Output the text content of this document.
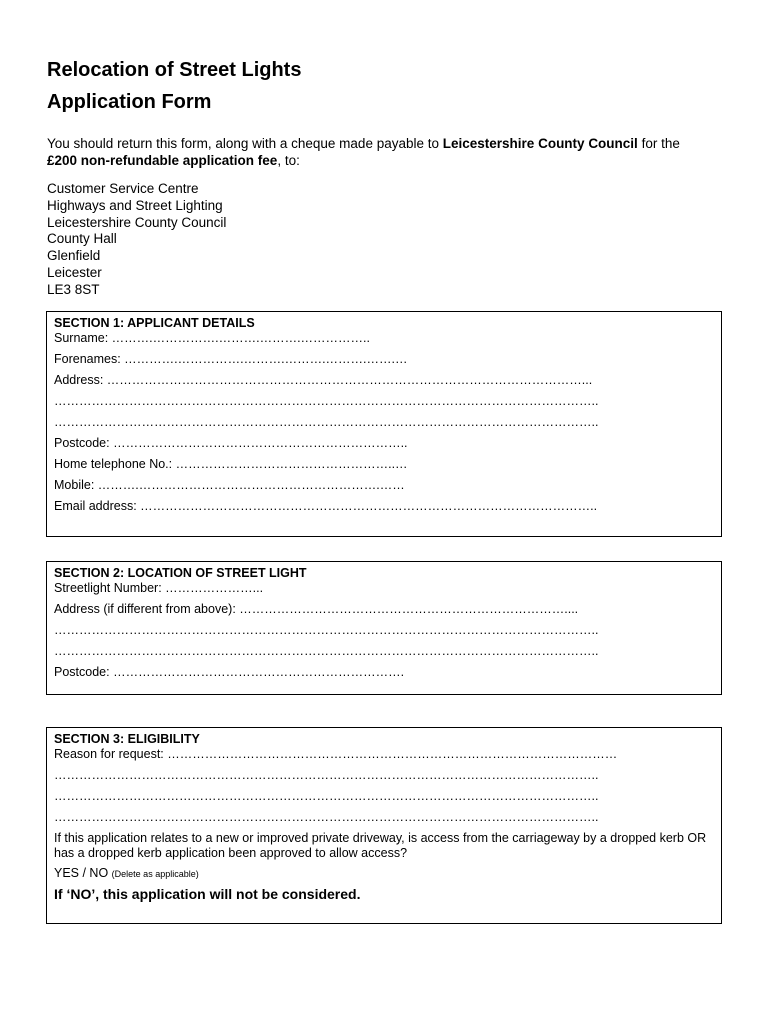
Relocation of Street Lights
Application Form

You should return this form, along with a cheque made payable to Leicestershire County Council for the £200 non-refundable application fee, to:

Customer Service Centre
Highways and Street Lighting
Leicestershire County Council
County Hall
Glenfield
Leicester
LE3 8ST
SECTION 1: APPLICANT DETAILS
Surname: ……….…………….……….……….……………..
Forenames: ………….…………….……….……….……….…….…
Address: ……………………………………………………………………………………………………...
…………………………………………………………………………………………………………………..
…………………………………………………………………………………………………………………..
Postcode: ……………………………………………………………..
Home telephone No.: ……………………………………………..…
Mobile: ……….………………………………………………….……
Email address: ………………………………………………………………………………………………..
SECTION 2: LOCATION OF STREET LIGHT
Streetlight Number: …………………...
Address (if different from above): ……………………………………………………………………....
…………………………………………………………………………………………………………………..
…………………………………………………………………………………………………………………..
Postcode: …………………………………………………………….
SECTION 3: ELIGIBILITY
Reason for request: ………………………………………………………………………………………………
…………………………………………………………………………………………………………………..
…………………………………………………………………………………………………………………..
…………………………………………………………………………………………………………………..
If this application relates to a new or improved private driveway, is access from the carriageway by a dropped kerb OR has a dropped kerb application been approved to allow access?
YES / NO (Delete as applicable)
If ‘NO’, this application will not be considered.
